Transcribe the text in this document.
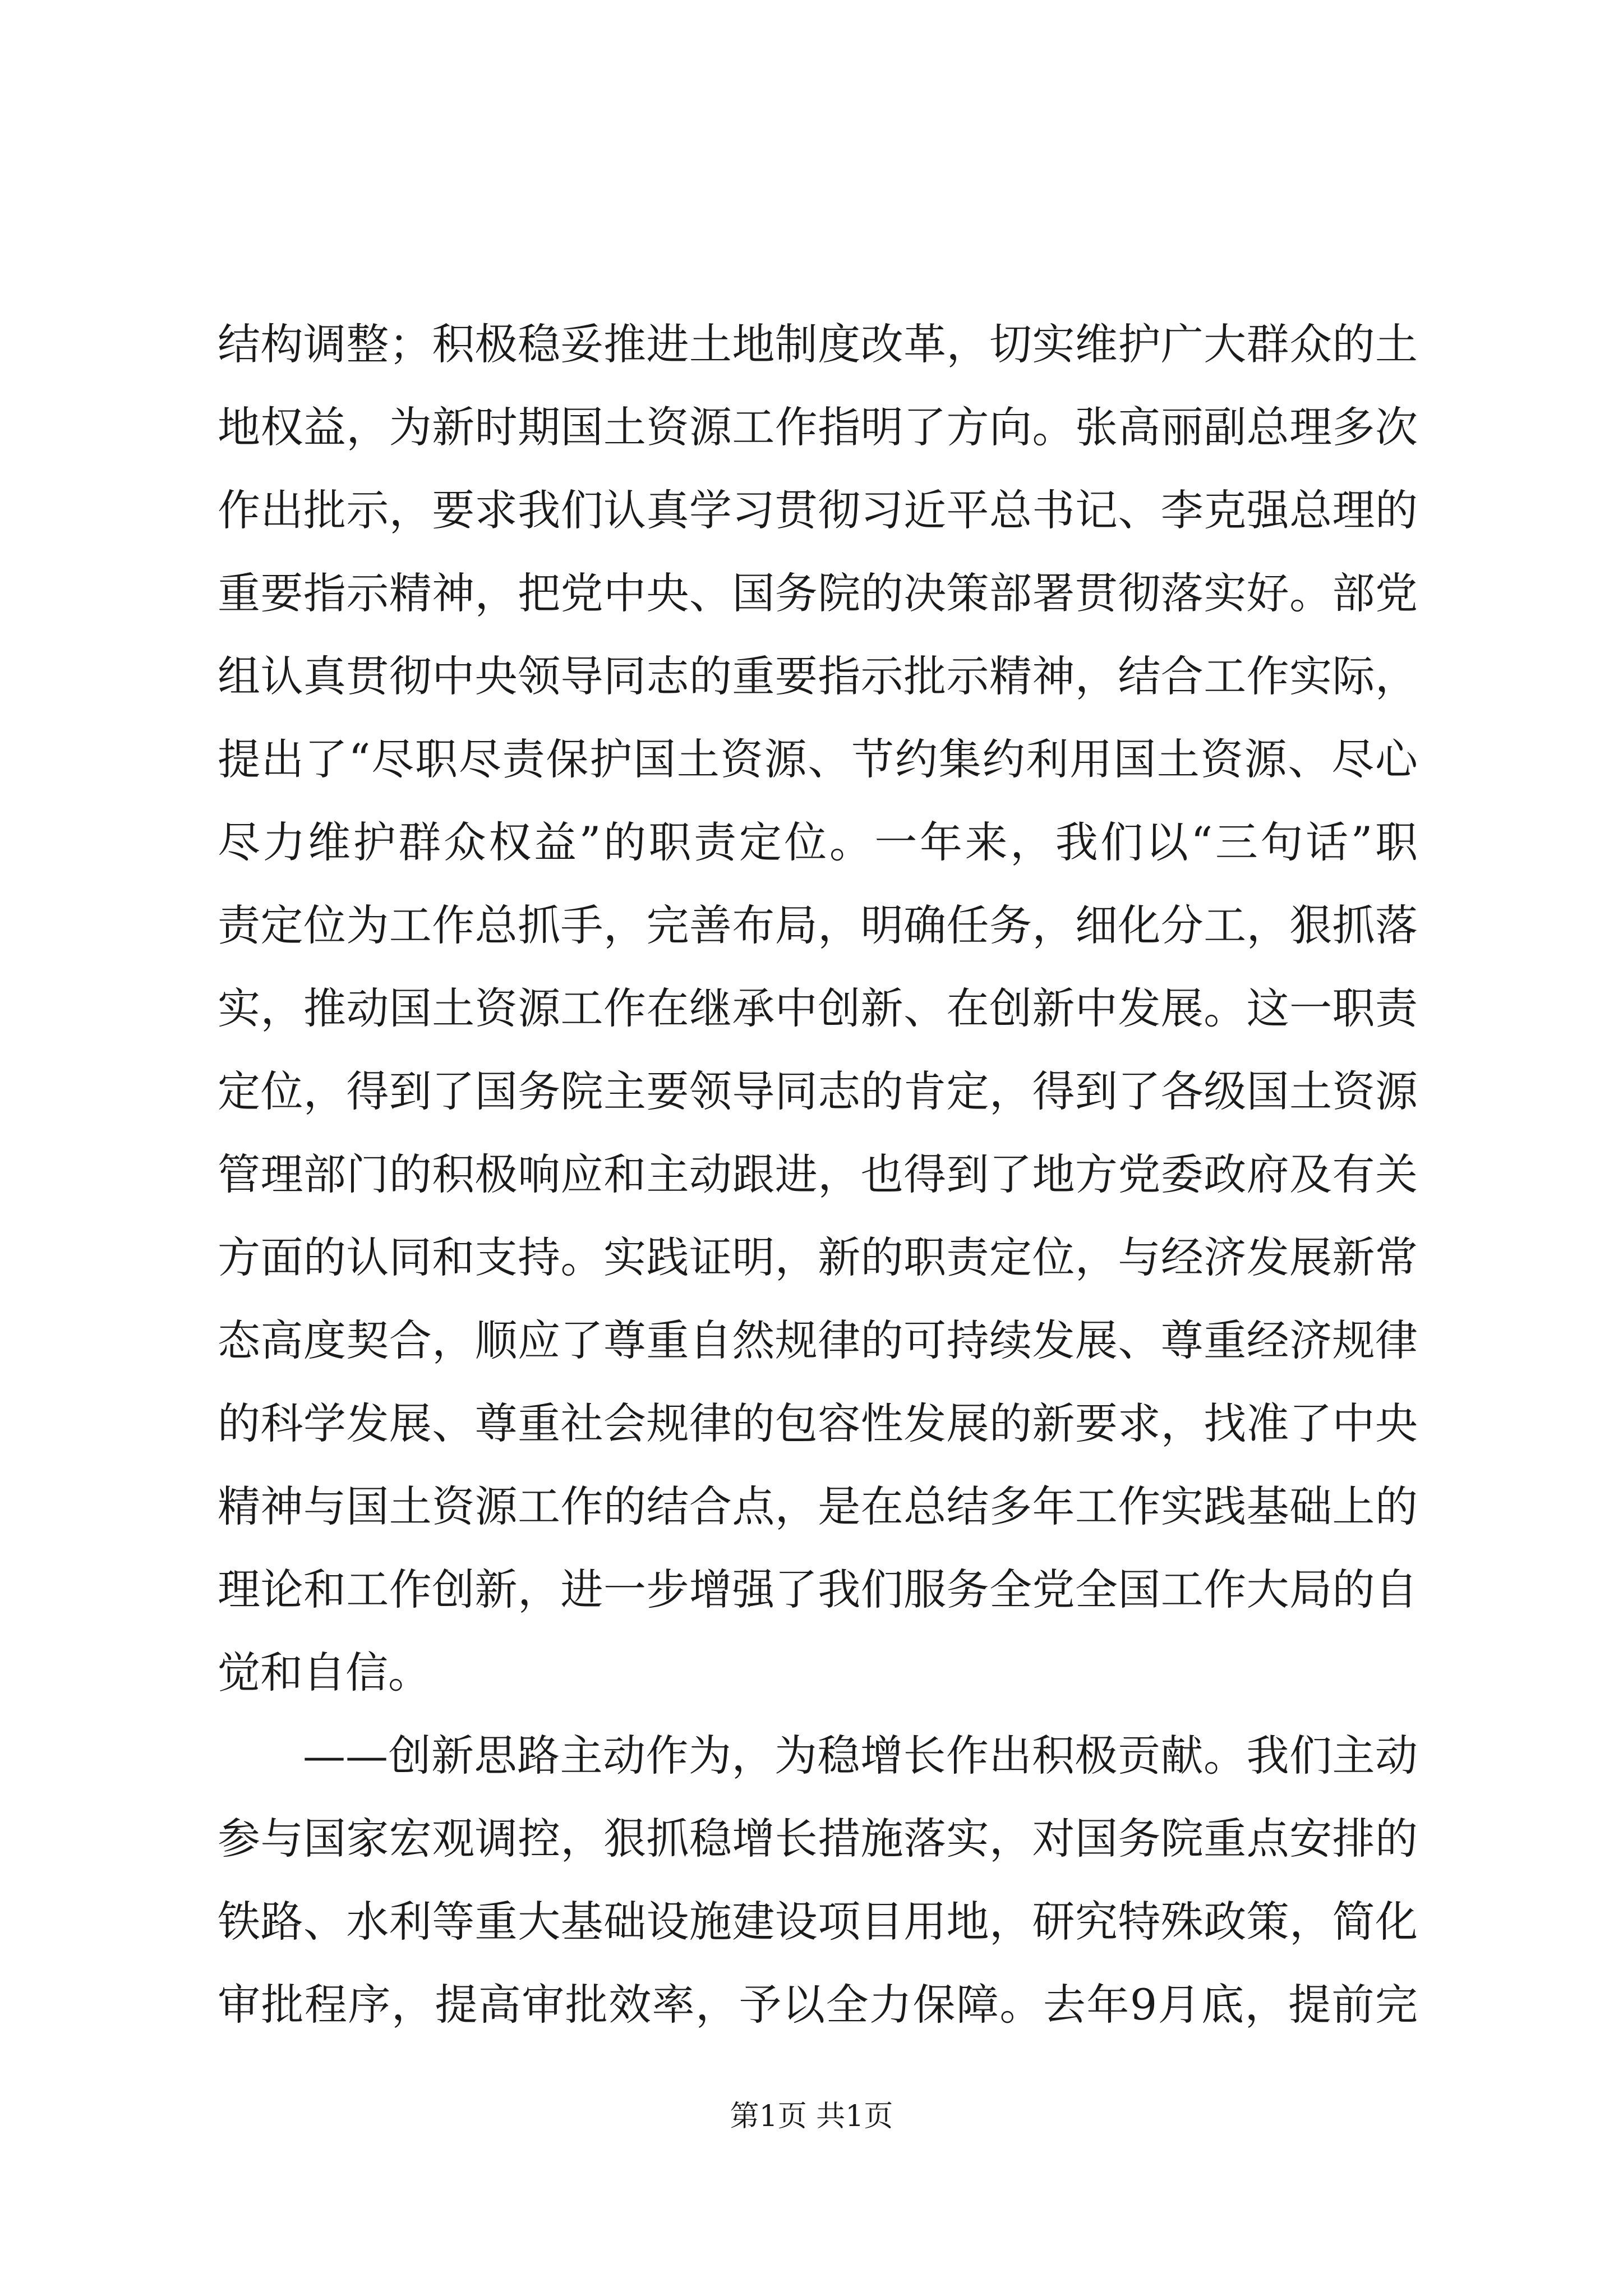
结构调整；积极稳妥推进土地制度改革，切实维护广大群众的土
地权益，为新时期国土资源工作指明了方向。张高丽副总理多次
作出批示，要求我们认真学习贯彻习近平总书记、李克强总理的
重要指示精神，把党中央、国务院的决策部署贯彻落实好。部党
组认真贯彻中央领导同志的重要指示批示精神，结合工作实际，
提出了“尽职尽责保护国土资源、节约集约利用国土资源、尽心
尽力维护群众权益”的职责定位。一年来，我们以“三句话”职
责定位为工作总抓手，完善布局，明确任务，细化分工，狠抓落
实，推动国土资源工作在继承中创新、在创新中发展。这一职责
定位，得到了国务院主要领导同志的肯定，得到了各级国土资源
管理部门的积极响应和主动跟进，也得到了地方党委政府及有关
方面的认同和支持。实践证明，新的职责定位，与经济发展新常
态高度契合，顺应了尊重自然规律的可持续发展、尊重经济规律
的科学发展、尊重社会规律的包容性发展的新要求，找准了中央
精神与国土资源工作的结合点，是在总结多年工作实践基础上的
理论和工作创新，进一步增强了我们服务全党全国工作大局的自
觉和自信。
——创新思路主动作为，为稳增长作出积极贡献。我们主动
参与国家宏观调控，狠抓稳增长措施落实，对国务院重点安排的
铁路、水利等重大基础设施建设项目用地，研究特殊政策，简化
审批程序，提高审批效率，予以全力保障。去年9月底，提前完
第1页 共1页
